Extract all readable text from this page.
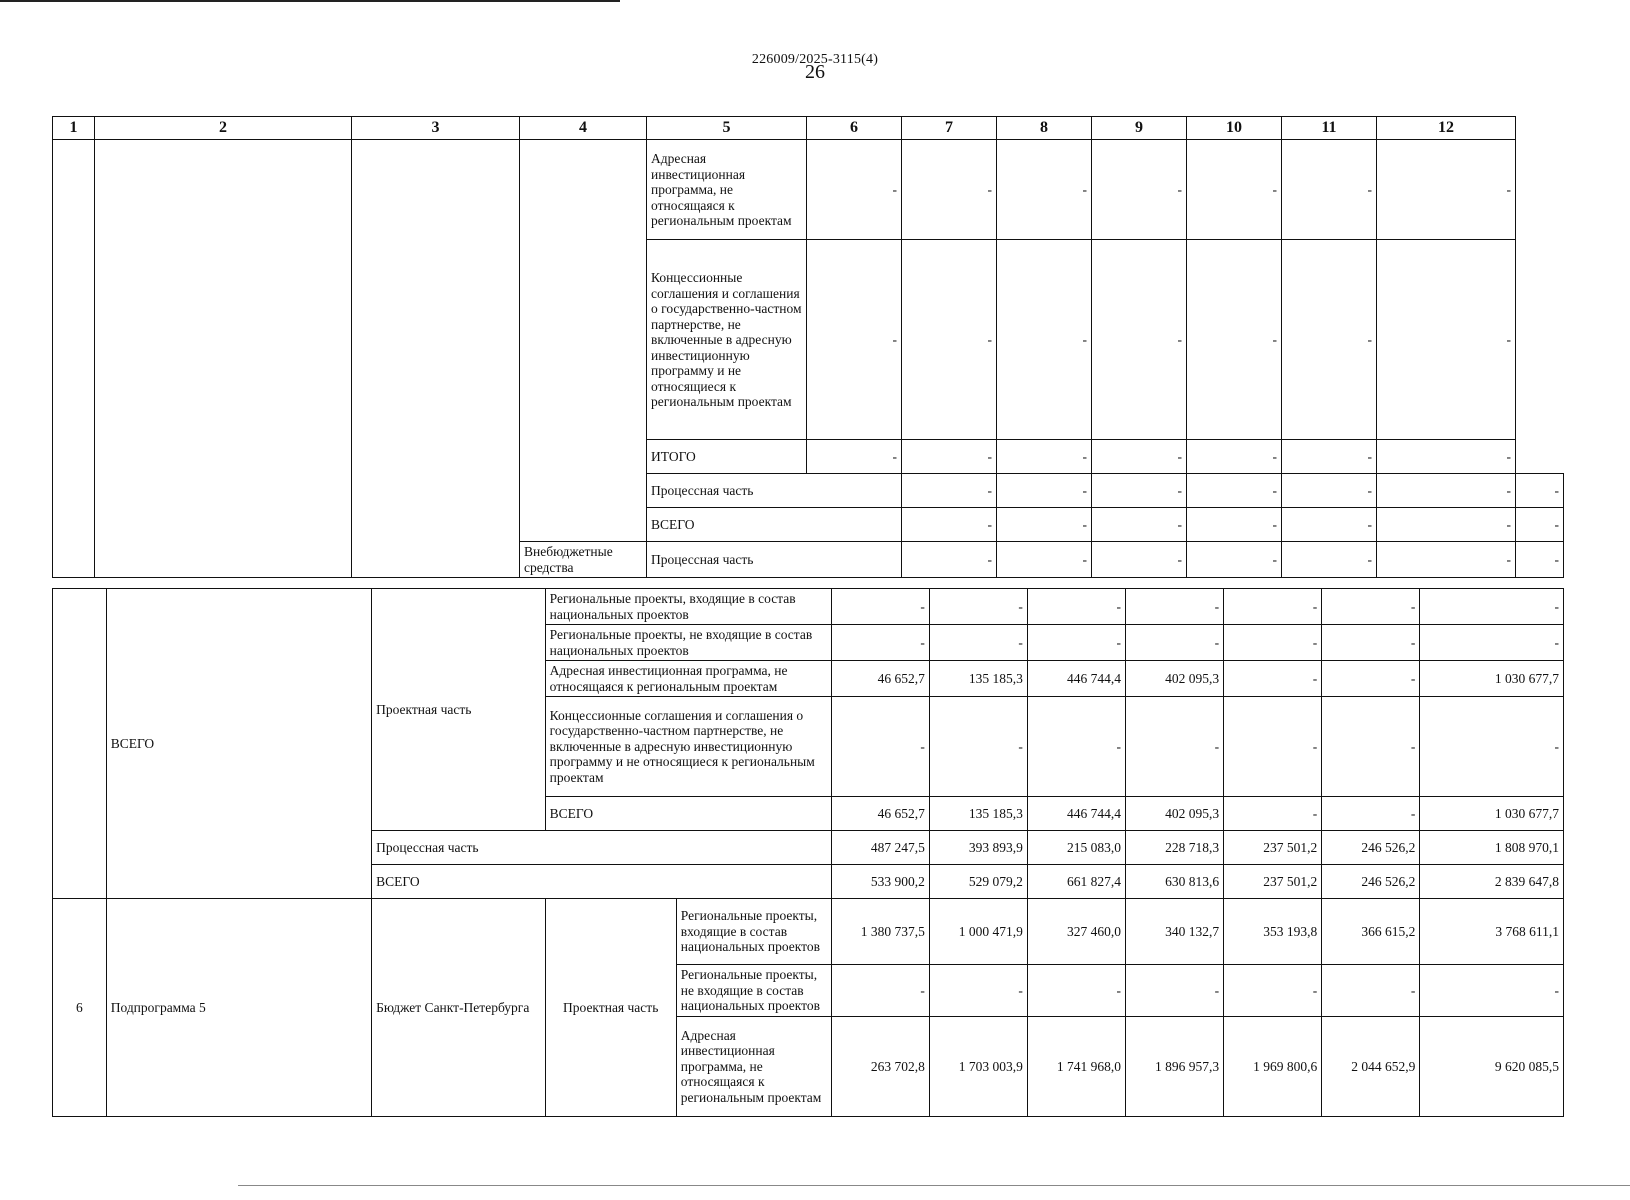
226009/2025-3115(4)
26
1	2	3	4	5	6	7	8	9	10	11	12	
				Адресная инвестиционная программа, не относящаяся к региональным проектам	-	-	-	-	-	-	-	
				Концессионные соглашения и соглашения о государственно-частном партнерстве, не включенные в адресную инвестиционную программу и не относящиеся к региональным проектам	-	-	-	-	-	-	-	
				ИТОГО	-	-	-	-	-	-	-	
				Процессная часть		-	-	-	-	-	-	-
				ВСЕГО		-	-	-	-	-	-	-
			Внебюджетные средства	Процессная часть		-	-	-	-	-	-	-
	ВСЕГО	Проектная часть	Региональные проекты, входящие в состав национальных проектов		-	-	-	-	-	-	-
			Региональные проекты, не входящие в состав национальных проектов		-	-	-	-	-	-	-
			Адресная инвестиционная программа, не относящаяся к региональным проектам		46 652,7	135 185,3	446 744,4	402 095,3	-	-	1 030 677,7
			Концессионные соглашения и соглашения о государственно-частном партнерстве, не включенные в адресную инвестиционную программу и не относящиеся к региональным проектам		-	-	-	-	-	-	-
			ВСЕГО		46 652,7	135 185,3	446 744,4	402 095,3	-	-	1 030 677,7
		Процессная часть			487 247,5	393 893,9	215 083,0	228 718,3	237 501,2	246 526,2	1 808 970,1
		ВСЕГО			533 900,2	529 079,2	661 827,4	630 813,6	237 501,2	246 526,2	2 839 647,8
6	Подпрограмма 5	Бюджет Санкт-Петербурга	Проектная часть	Региональные проекты, входящие в состав национальных проектов	1 380 737,5	1 000 471,9	327 460,0	340 132,7	353 193,8	366 615,2	3 768 611,1
				Региональные проекты, не входящие в состав национальных проектов	-	-	-	-	-	-	-
				Адресная инвестиционная программа, не относящаяся к региональным проектам	263 702,8	1 703 003,9	1 741 968,0	1 896 957,3	1 969 800,6	2 044 652,9	9 620 085,5
